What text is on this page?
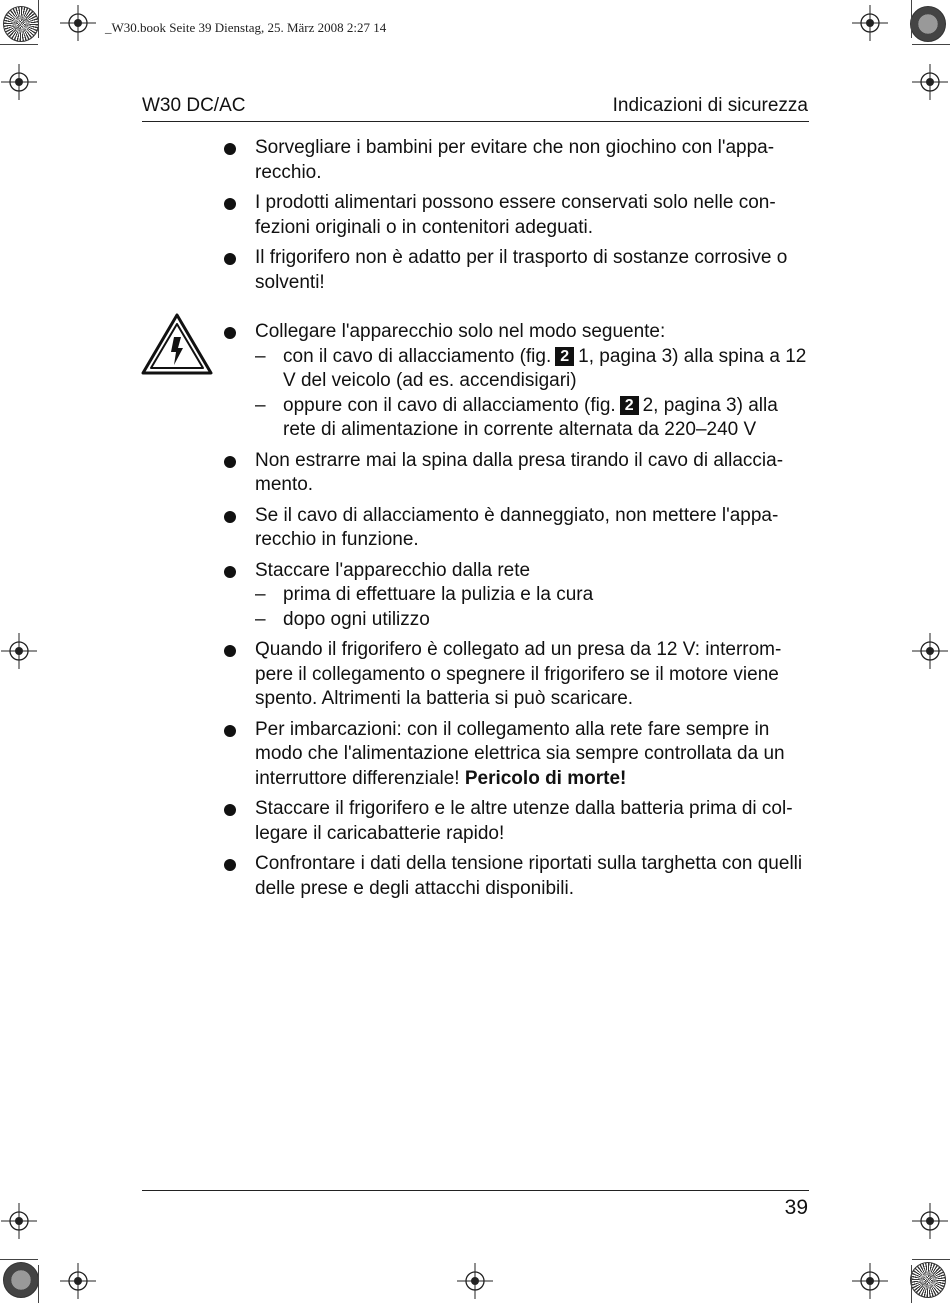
_W30.book Seite 39 Dienstag, 25. März 2008 2:27 14
W30 DC/AC	Indicazioni di sicurezza
Sorvegliare i bambini per evitare che non giochino con l'appa-recchio.
I prodotti alimentari possono essere conservati solo nelle con-fezioni originali o in contenitori adeguati.
Il frigorifero non è adatto per il trasporto di sostanze corrosive o solventi!
Collegare l'apparecchio solo nel modo seguente:
– con il cavo di allacciamento (fig. 2 1, pagina 3) alla spina a 12 V del veicolo (ad es. accendisigari)
– oppure con il cavo di allacciamento (fig. 2 2, pagina 3) alla rete di alimentazione in corrente alternata da 220–240 V
Non estrarre mai la spina dalla presa tirando il cavo di allaccia-mento.
Se il cavo di allacciamento è danneggiato, non mettere l'appa-recchio in funzione.
Staccare l'apparecchio dalla rete
– prima di effettuare la pulizia e la cura
– dopo ogni utilizzo
Quando il frigorifero è collegato ad un presa da 12 V: interrom-pere il collegamento o spegnere il frigorifero se il motore viene spento. Altrimenti la batteria si può scaricare.
Per imbarcazioni: con il collegamento alla rete fare sempre in modo che l'alimentazione elettrica sia sempre controllata da un interruttore differenziale! Pericolo di morte!
Staccare il frigorifero e le altre utenze dalla batteria prima di col-legare il caricabatterie rapido!
Confrontare i dati della tensione riportati sulla targhetta con quelli delle prese e degli attacchi disponibili.
39
